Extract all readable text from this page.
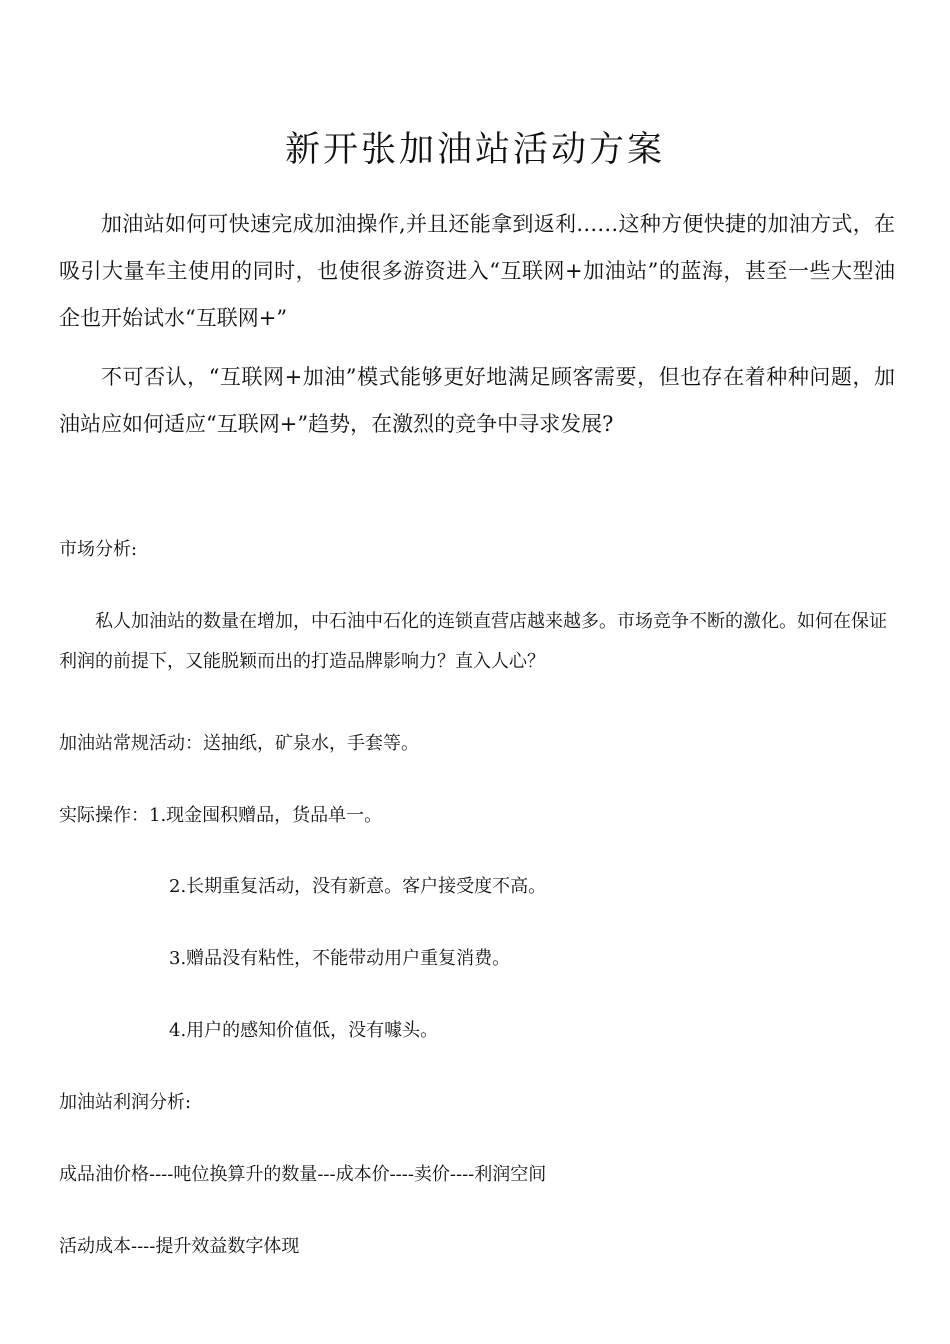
新开张加油站活动方案

加油站如何可快速完成加油操作,并且还能拿到返利……这种方便快捷的加油方式，在吸引大量车主使用的同时，也使很多游资进入“互联网+加油站”的蓝海，甚至一些大型油企也开始试水“互联网+”

不可否认，“互联网+加油”模式能够更好地满足顾客需要，但也存在着种种问题，加油站应如何适应“互联网+”趋势，在激烈的竞争中寻求发展?

市场分析:

私人加油站的数量在增加，中石油中石化的连锁直营店越来越多。市场竞争不断的激化。如何在保证利润的前提下，又能脱颖而出的打造品牌影响力？直入人心？

加油站常规活动：送抽纸，矿泉水，手套等。

实际操作：1.现金囤积赠品，货品单一。

2.长期重复活动，没有新意。客户接受度不高。

3.赠品没有粘性，不能带动用户重复消费。

4.用户的感知价值低，没有噱头。

加油站利润分析:

成品油价格----吨位换算升的数量---成本价----卖价----利润空间

活动成本----提升效益数字体现
